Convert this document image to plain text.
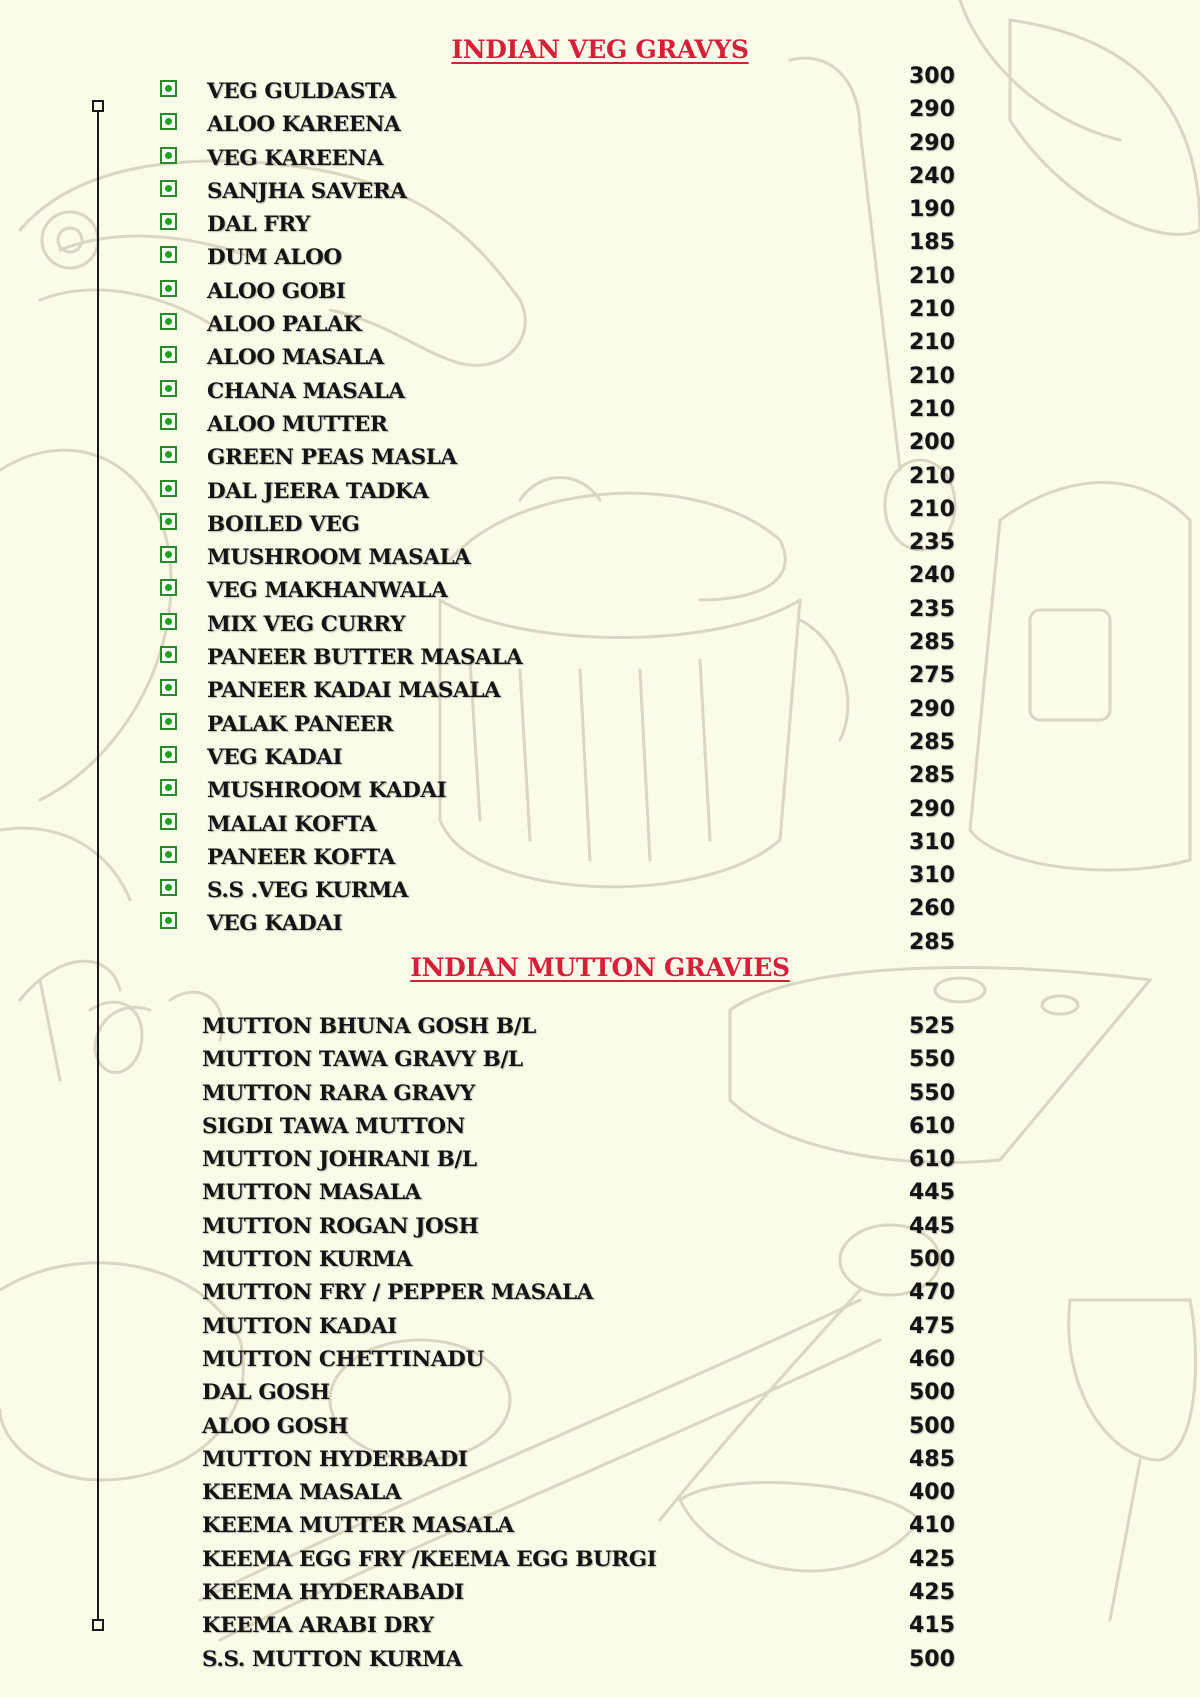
INDIAN VEG GRAVYS
VEG GULDASTA
ALOO KAREENA
VEG KAREENA
SANJHA SAVERA
DAL FRY
DUM ALOO
ALOO GOBI
ALOO PALAK
ALOO MASALA
CHANA MASALA
ALOO MUTTER
GREEN PEAS MASLA
DAL JEERA TADKA
BOILED VEG
MUSHROOM MASALA
VEG MAKHANWALA
MIX VEG CURRY
PANEER BUTTER MASALA
PANEER KADAI MASALA
PALAK PANEER
VEG KADAI
MUSHROOM KADAI
MALAI KOFTA
PANEER KOFTA
S.S .VEG KURMA
VEG KADAI
300
290
290
240
190
185
210
210
210
210
210
200
210
210
235
240
235
285
275
290
285
285
290
310
310
260
285
INDIAN MUTTON GRAVIES
MUTTON BHUNA GOSH B/L
MUTTON TAWA GRAVY B/L
MUTTON RARA GRAVY
SIGDI TAWA MUTTON
MUTTON JOHRANI B/L
MUTTON MASALA
MUTTON ROGAN JOSH
MUTTON KURMA
MUTTON FRY / PEPPER MASALA
MUTTON KADAI
MUTTON CHETTINADU
DAL GOSH
ALOO GOSH
MUTTON HYDERBADI
KEEMA MASALA
KEEMA MUTTER MASALA
KEEMA EGG FRY /KEEMA EGG BURGI
KEEMA HYDERABADI
KEEMA ARABI DRY
S.S. MUTTON KURMA
525
550
550
610
610
445
445
500
470
475
460
500
500
485
400
410
425
425
415
500
